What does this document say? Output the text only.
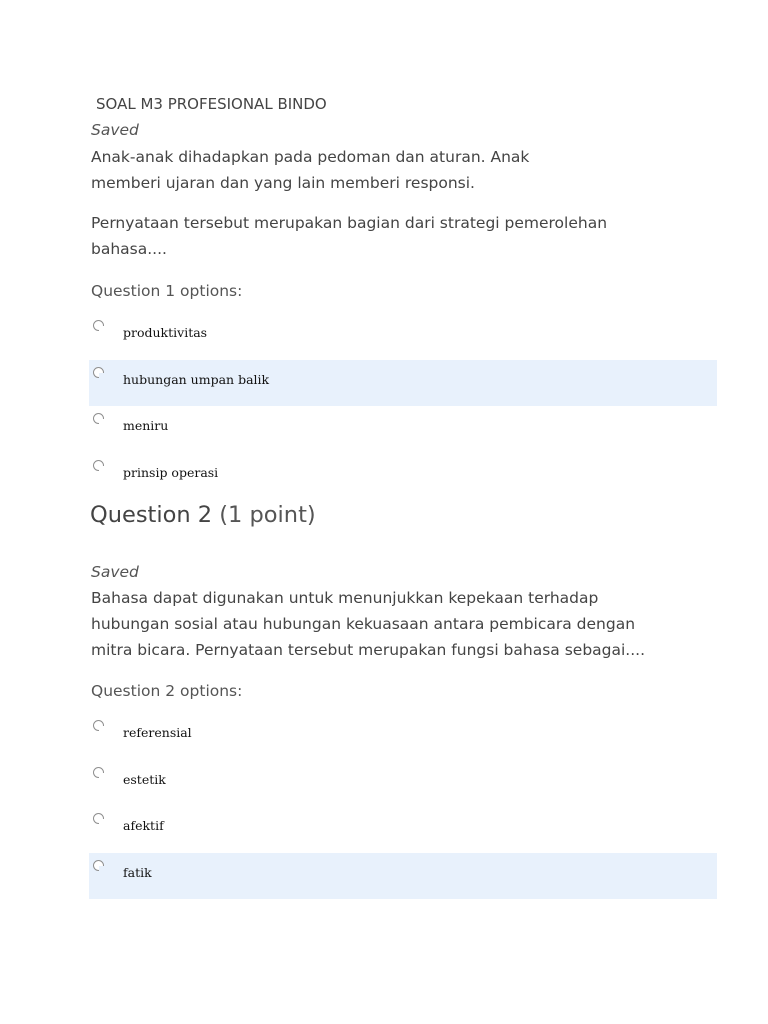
SOAL M3 PROFESIONAL BINDO
Saved
Anak-anak dihadapkan pada pedoman dan aturan. Anak
memberi ujaran dan yang lain memberi responsi.
Pernyataan tersebut merupakan bagian dari strategi pemerolehan
bahasa....
Question 1 options:
produktivitas
hubungan umpan balik
meniru
prinsip operasi
Question 2 (1 point)
Saved
Bahasa dapat digunakan untuk menunjukkan kepekaan terhadap
hubungan sosial atau hubungan kekuasaan antara pembicara dengan
mitra bicara. Pernyataan tersebut merupakan fungsi bahasa sebagai....
Question 2 options:
referensial
estetik
afektif
fatik
